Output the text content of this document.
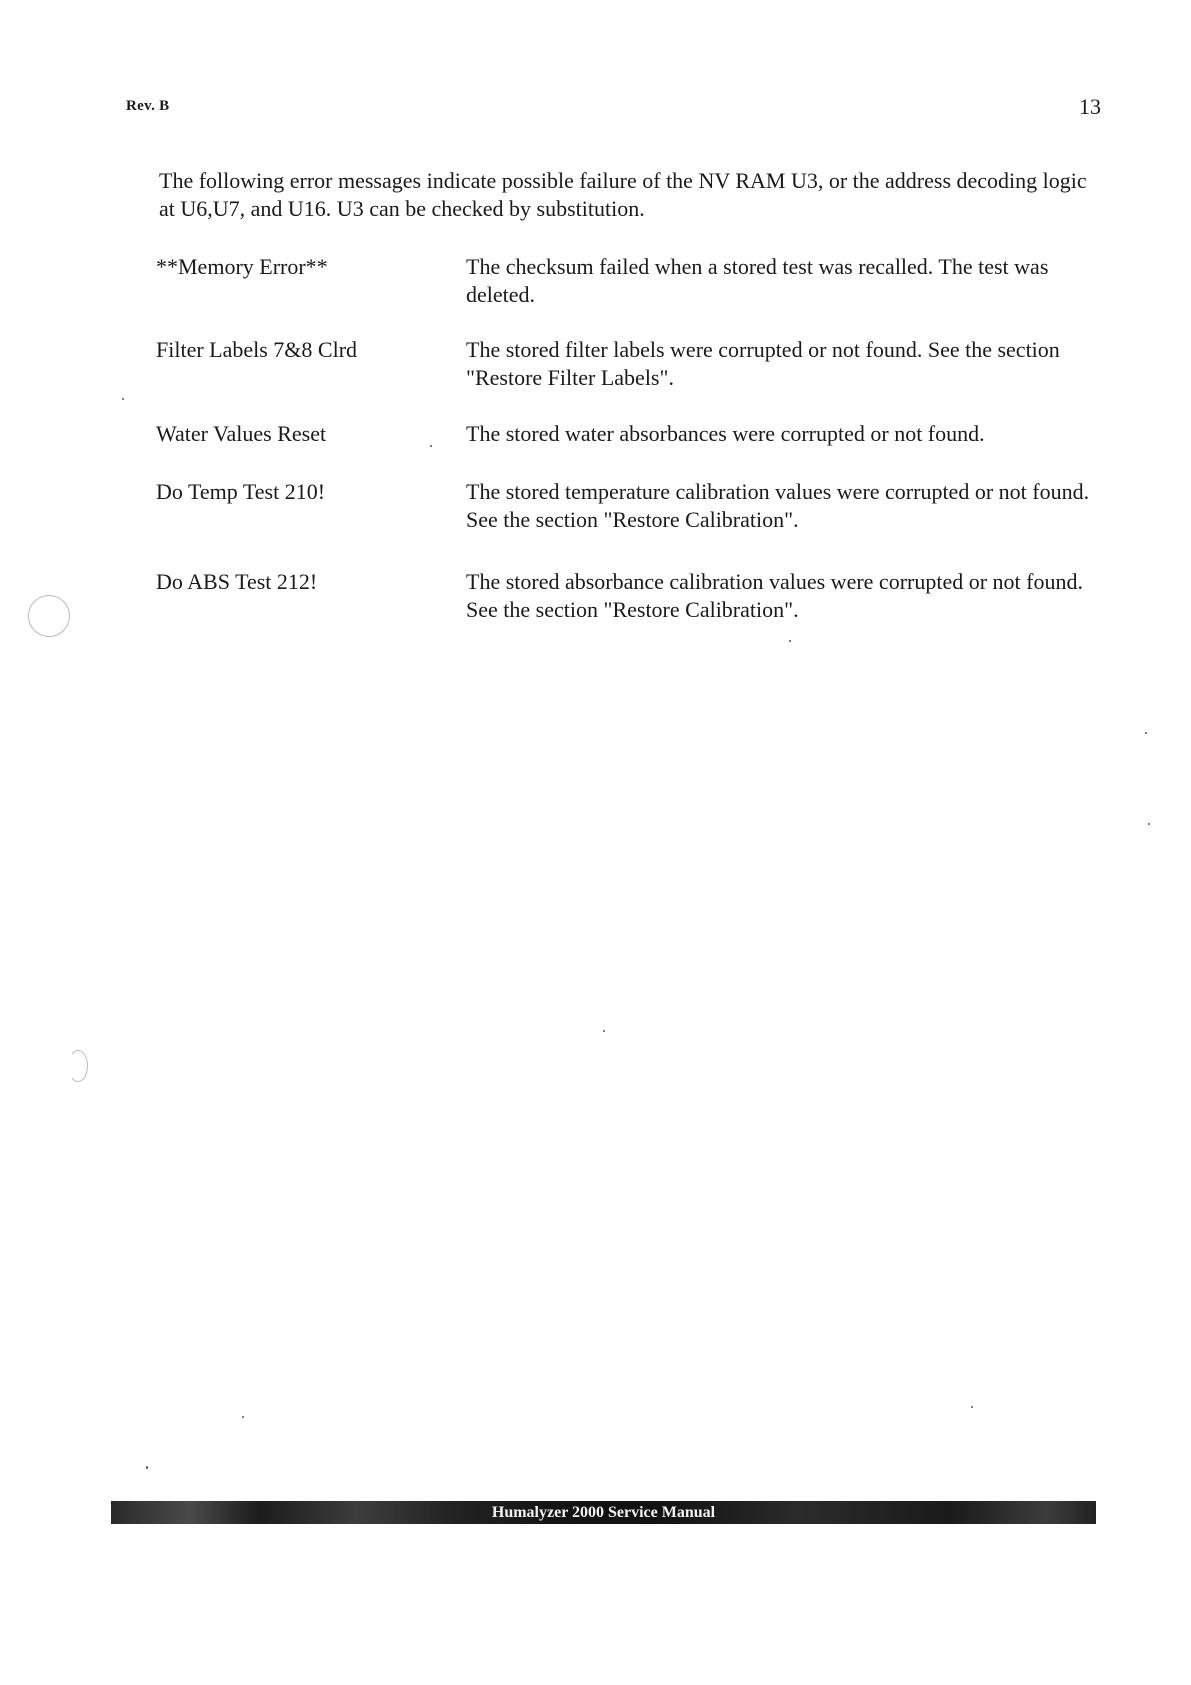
Rev. B	13
The following error messages indicate possible failure of the NV RAM U3, or the address decoding logic at U6,U7, and U16. U3 can be checked by substitution.
**Memory Error**	The checksum failed when a stored test was recalled. The test was deleted.
Filter Labels 7&8 Clrd	The stored filter labels were corrupted or not found. See the section "Restore Filter Labels".
Water Values Reset	The stored water absorbances were corrupted or not found.
Do Temp Test 210!	The stored temperature calibration values were corrupted or not found. See the section "Restore Calibration".
Do ABS Test 212!	The stored absorbance calibration values were corrupted or not found. See the section "Restore Calibration".
Humalyzer 2000 Service Manual
